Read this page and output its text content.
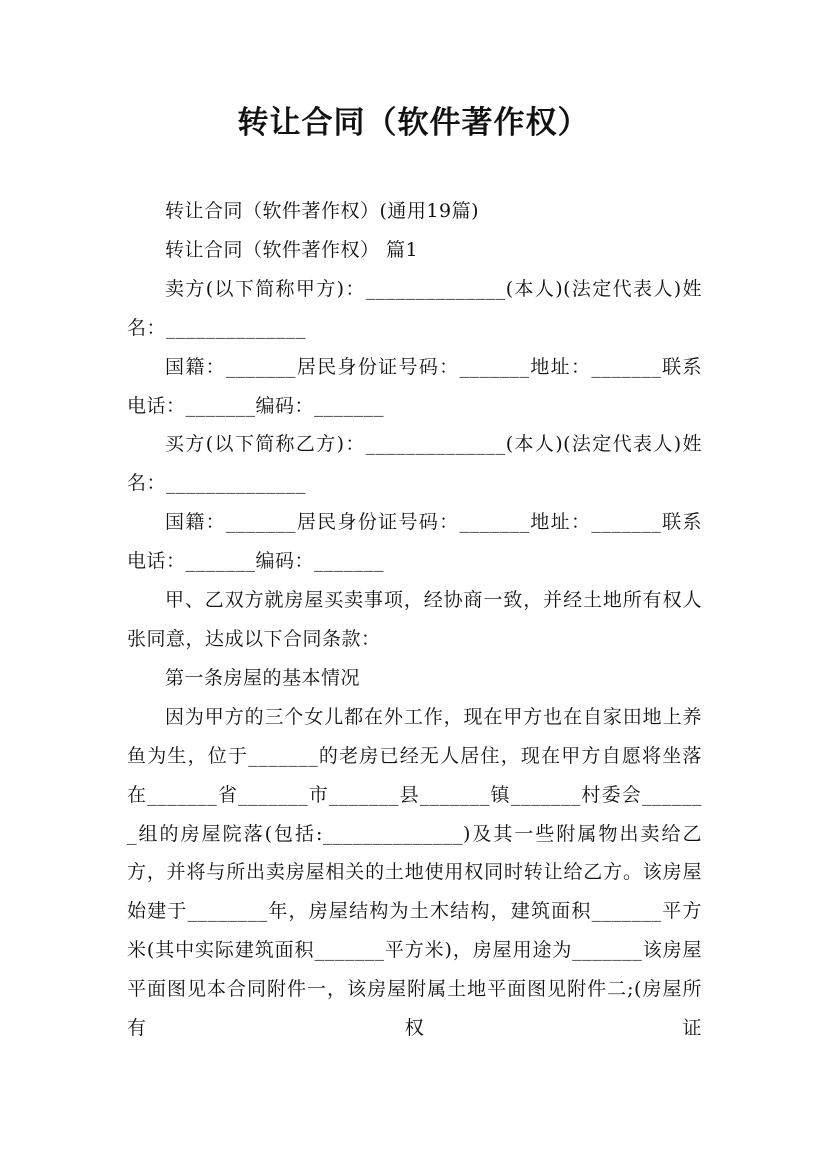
转让合同（软件著作权）

转让合同（软件著作权）(通用19篇)

转让合同（软件著作权） 篇1

卖方(以下简称甲方)：______________(本人)(法定代表人)姓名：______________

国籍：_______居民身份证号码：_______地址：_______联系电话：_______编码：_______

买方(以下简称乙方)：______________(本人)(法定代表人)姓名：______________

国籍：_______居民身份证号码：_______地址：_______联系电话：_______编码：_______

甲、乙双方就房屋买卖事项，经协商一致，并经土地所有权人张同意，达成以下合同条款：

第一条房屋的基本情况

因为甲方的三个女儿都在外工作，现在甲方也在自家田地上养鱼为生，位于_______的老房已经无人居住，现在甲方自愿将坐落在_______省_______市_______县_______镇_______村委会_______组的房屋院落(包括:______________)及其一些附属物出卖给乙方，并将与所出卖房屋相关的土地使用权同时转让给乙方。该房屋始建于________年，房屋结构为土木结构，建筑面积_______平方米(其中实际建筑面积_______平方米)，房屋用途为_______该房屋平面图见本合同附件一，该房屋附属土地平面图见附件二;(房屋所有权证
